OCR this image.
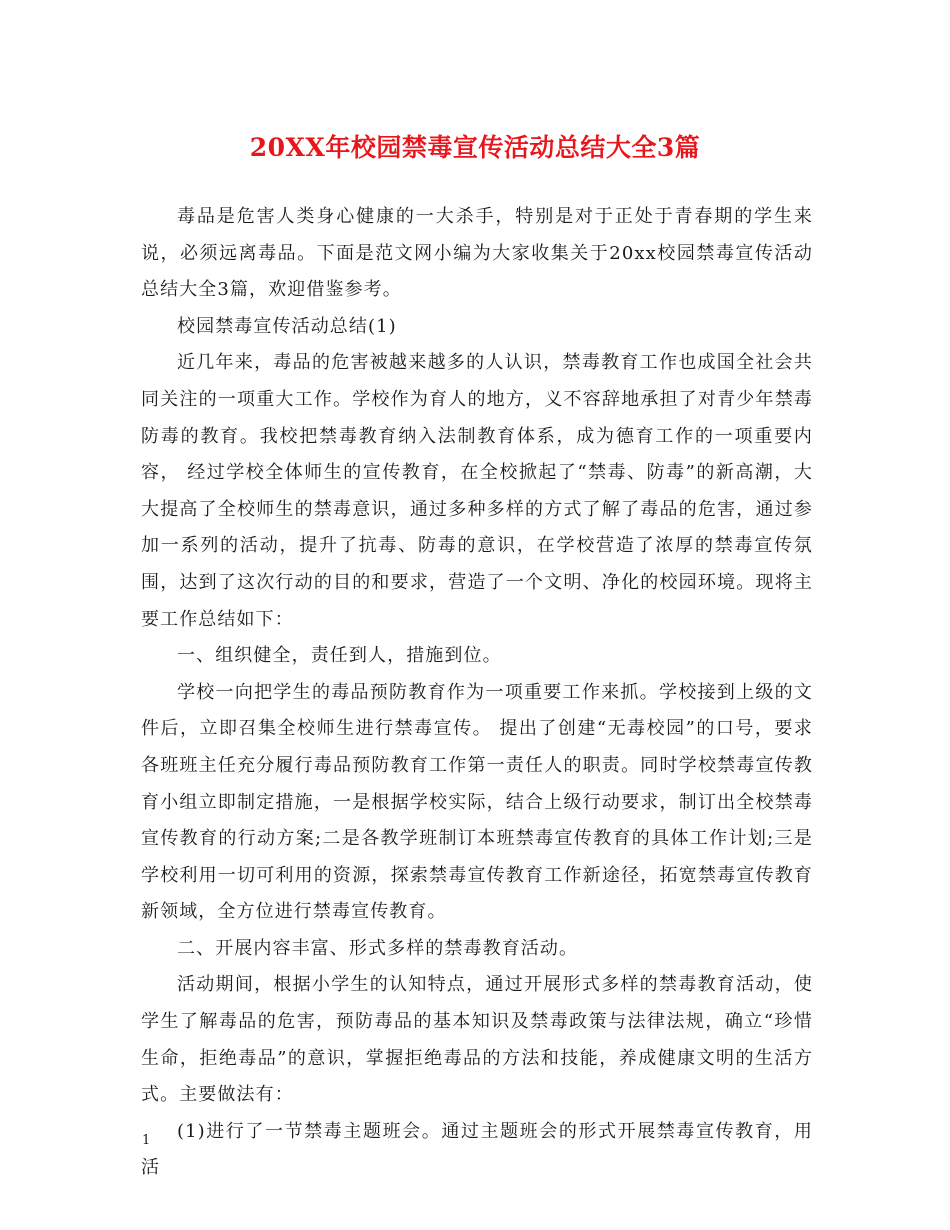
20XX年校园禁毒宣传活动总结大全3篇

毒品是危害人类身心健康的一大杀手，特别是对于正处于青春期的学生来说，必须远离毒品。下面是范文网小编为大家收集关于20xx校园禁毒宣传活动总结大全3篇，欢迎借鉴参考。

校园禁毒宣传活动总结(1)

近几年来，毒品的危害被越来越多的人认识，禁毒教育工作也成国全社会共同关注的一项重大工作。学校作为育人的地方，义不容辞地承担了对青少年禁毒防毒的教育。我校把禁毒教育纳入法制教育体系，成为德育工作的一项重要内容， 经过学校全体师生的宣传教育，在全校掀起了“禁毒、防毒”的新高潮，大大提高了全校师生的禁毒意识，通过多种多样的方式了解了毒品的危害，通过参加一系列的活动，提升了抗毒、防毒的意识，在学校营造了浓厚的禁毒宣传氛围，达到了这次行动的目的和要求，营造了一个文明、净化的校园环境。现将主要工作总结如下：

一、组织健全，责任到人，措施到位。

学校一向把学生的毒品预防教育作为一项重要工作来抓。学校接到上级的文件后，立即召集全校师生进行禁毒宣传。 提出了创建“无毒校园”的口号，要求各班班主任充分履行毒品预防教育工作第一责任人的职责。同时学校禁毒宣传教育小组立即制定措施，一是根据学校实际，结合上级行动要求，制订出全校禁毒宣传教育的行动方案;二是各教学班制订本班禁毒宣传教育的具体工作计划;三是学校利用一切可利用的资源，探索禁毒宣传教育工作新途径，拓宽禁毒宣传教育新领域，全方位进行禁毒宣传教育。

二、开展内容丰富、形式多样的禁毒教育活动。

活动期间，根据小学生的认知特点，通过开展形式多样的禁毒教育活动，使学生了解毒品的危害，预防毒品的基本知识及禁毒政策与法律法规，确立“珍惜生命，拒绝毒品”的意识，掌握拒绝毒品的方法和技能，养成健康文明的生活方式。主要做法有：

(1)进行了一节禁毒主题班会。通过主题班会的形式开展禁毒宣传教育，用活

1
